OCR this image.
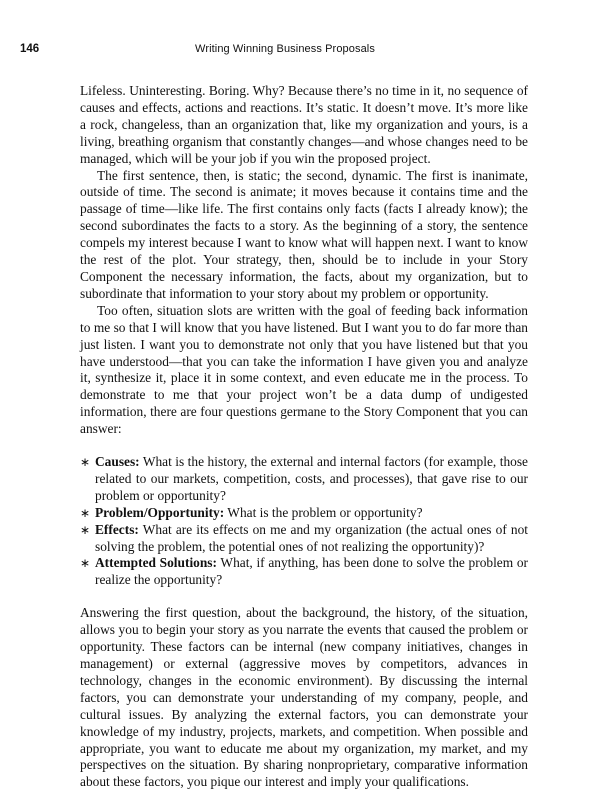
146	Writing Winning Business Proposals

Lifeless. Uninteresting. Boring. Why? Because there’s no time in it, no sequence of causes and effects, actions and reactions. It’s static. It doesn’t move. It’s more like a rock, changeless, than an organization that, like my organization and yours, is a living, breathing organism that constantly changes—and whose changes need to be managed, which will be your job if you win the proposed project.

The first sentence, then, is static; the second, dynamic. The first is inanimate, outside of time. The second is animate; it moves because it contains time and the passage of time—like life. The first contains only facts (facts I already know); the second subordinates the facts to a story. As the beginning of a story, the sentence compels my interest because I want to know what will happen next. I want to know the rest of the plot. Your strategy, then, should be to include in your Story Component the necessary information, the facts, about my organization, but to subordinate that information to your story about my problem or opportunity.

Too often, situation slots are written with the goal of feeding back information to me so that I will know that you have listened. But I want you to do far more than just listen. I want you to demonstrate not only that you have listened but that you have understood—that you can take the information I have given you and analyze it, synthesize it, place it in some context, and even educate me in the process. To demonstrate to me that your project won’t be a data dump of undigested information, there are four questions germane to the Story Component that you can answer:

∗ Causes: What is the history, the external and internal factors (for example, those related to our markets, competition, costs, and processes), that gave rise to our problem or opportunity?
∗ Problem/Opportunity: What is the problem or opportunity?
∗ Effects: What are its effects on me and my organization (the actual ones of not solving the problem, the potential ones of not realizing the opportunity)?
∗ Attempted Solutions: What, if anything, has been done to solve the problem or realize the opportunity?

Answering the first question, about the background, the history, of the situation, allows you to begin your story as you narrate the events that caused the problem or opportunity. These factors can be internal (new company initiatives, changes in management) or external (aggressive moves by competitors, advances in technology, changes in the economic environment). By discussing the internal factors, you can demonstrate your understanding of my company, people, and cultural issues. By analyzing the external factors, you can demonstrate your knowledge of my industry, projects, markets, and competition. When possible and appropriate, you want to educate me about my organization, my market, and my perspectives on the situation. By sharing nonproprietary, comparative information about these factors, you pique our interest and imply your qualifications.
